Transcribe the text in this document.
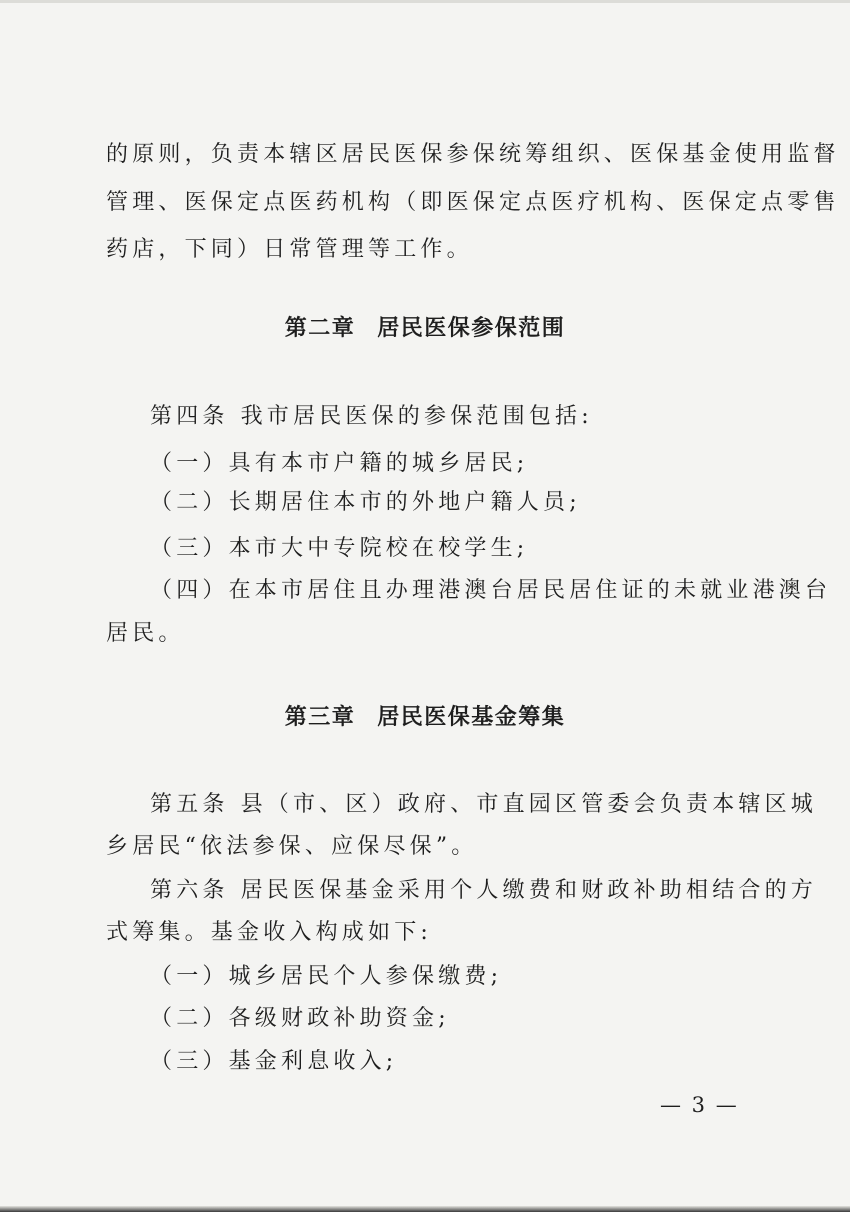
的原则，负责本辖区居民医保参保统筹组织、医保基金使用监督
管理、医保定点医药机构（即医保定点医疗机构、医保定点零售
药店，下同）日常管理等工作。
第二章 居民医保参保范围
第四条 我市居民医保的参保范围包括:
（一）具有本市户籍的城乡居民;
（二）长期居住本市的外地户籍人员;
（三）本市大中专院校在校学生;
（四）在本市居住且办理港澳台居民居住证的未就业港澳台
居民。
第三章 居民医保基金筹集
第五条 县（市、区）政府、市直园区管委会负责本辖区城
乡居民“依法参保、应保尽保”。
第六条 居民医保基金采用个人缴费和财政补助相结合的方
式筹集。基金收入构成如下:
（一）城乡居民个人参保缴费;
（二）各级财政补助资金;
（三）基金利息收入;
— 3 —
